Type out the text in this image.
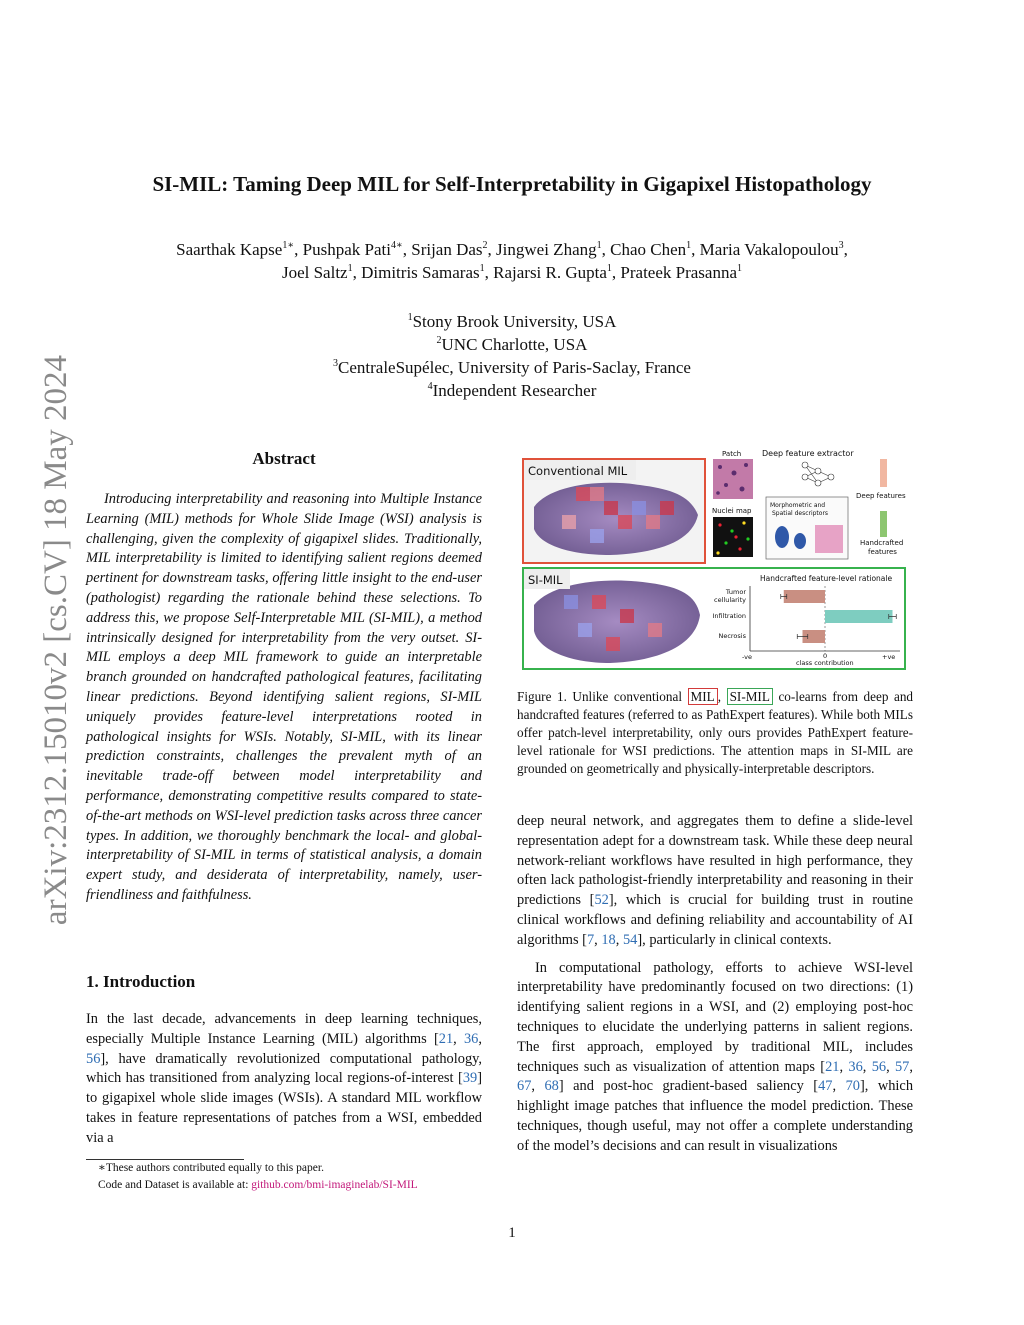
arXiv:2312.15010v2 [cs.CV] 18 May 2024
SI-MIL: Taming Deep MIL for Self-Interpretability in Gigapixel Histopathology
Saarthak Kapse$^{1∗}$, Pushpak Pati$^{4∗}$, Srijan Das$^2$, Jingwei Zhang$^1$, Chao Chen$^1$, Maria Vakalopoulou$^3$,
Joel Saltz$^1$, Dimitris Samaras$^1$, Rajarsi R. Gupta$^1$, Prateek Prasanna$^1$
$^1$Stony Brook University, USA
$^2$UNC Charlotte, USA
$^3$CentraleSupélec, University of Paris-Saclay, France
$^4$Independent Researcher
Abstract
Introducing interpretability and reasoning into Multiple Instance Learning (MIL) methods for Whole Slide Image (WSI) analysis is challenging, given the complexity of gigapixel slides. Traditionally, MIL interpretability is limited to identifying salient regions deemed pertinent for downstream tasks, offering little insight to the end-user (pathologist) regarding the rationale behind these selections. To address this, we propose Self-Interpretable MIL (SI-MIL), a method intrinsically designed for interpretability from the very outset. SI-MIL employs a deep MIL framework to guide an interpretable branch grounded on handcrafted pathological features, facilitating linear predictions. Beyond identifying salient regions, SI-MIL uniquely provides feature-level interpretations rooted in pathological insights for WSIs. Notably, SI-MIL, with its linear prediction constraints, challenges the prevalent myth of an inevitable trade-off between model interpretability and performance, demonstrating competitive results compared to state-of-the-art methods on WSI-level prediction tasks across three cancer types. In addition, we thoroughly benchmark the local- and global-interpretability of SI-MIL in terms of statistical analysis, a domain expert study, and desiderata of interpretability, namely, user-friendliness and faithfulness.
1. Introduction

In the last decade, advancements in deep learning techniques, especially Multiple Instance Learning (MIL) algorithms [21, 36, 56], have dramatically revolutionized computational pathology, which has transitioned from analyzing local regions-of-interest [39] to gigapixel whole slide images (WSIs). A standard MIL workflow takes in feature representations of patches from a WSI, embedded via a

∗These authors contributed equally to this paper.
Code and Dataset is available at: github.com/bmi-imaginelab/SI-MIL
Conventional MIL
Patch	Deep feature extractor
Nuclei map
Morphometric and
Spatial descriptors
Deep features
Handcrafted
features
SI-MIL	Handcrafted feature-level rationale
Tumor
cellularity
Infiltration
Necrosis
-ve	0	+ve
class contribution
Figure 1. Unlike conventional MIL , SI-MIL co-learns from deep and handcrafted features (referred to as PathExpert features). While both MILs offer patch-level interpretability, only ours provides PathExpert feature-level rationale for WSI predictions. The attention maps in SI-MIL are grounded on geometrically and physically-interpretable descriptors.

deep neural network, and aggregates them to define a slide-level representation adept for a downstream task. While these deep neural network-reliant workflows have resulted in high performance, they often lack pathologist-friendly interpretability and reasoning in their predictions [52], which is crucial for building trust in routine clinical workflows and defining reliability and accountability of AI algorithms [7, 18, 54], particularly in clinical contexts.

In computational pathology, efforts to achieve WSI-level interpretability have predominantly focused on two directions: (1) identifying salient regions in a WSI, and (2) employing post-hoc techniques to elucidate the underlying patterns in salient regions. The first approach, employed by traditional MIL, includes techniques such as visualization of attention maps [21, 36, 56, 57, 67, 68] and post-hoc gradient-based saliency [47, 70], which highlight image patches that influence the model prediction. These techniques, though useful, may not offer a complete understanding of the model’s decisions and can result in visualizations

1
